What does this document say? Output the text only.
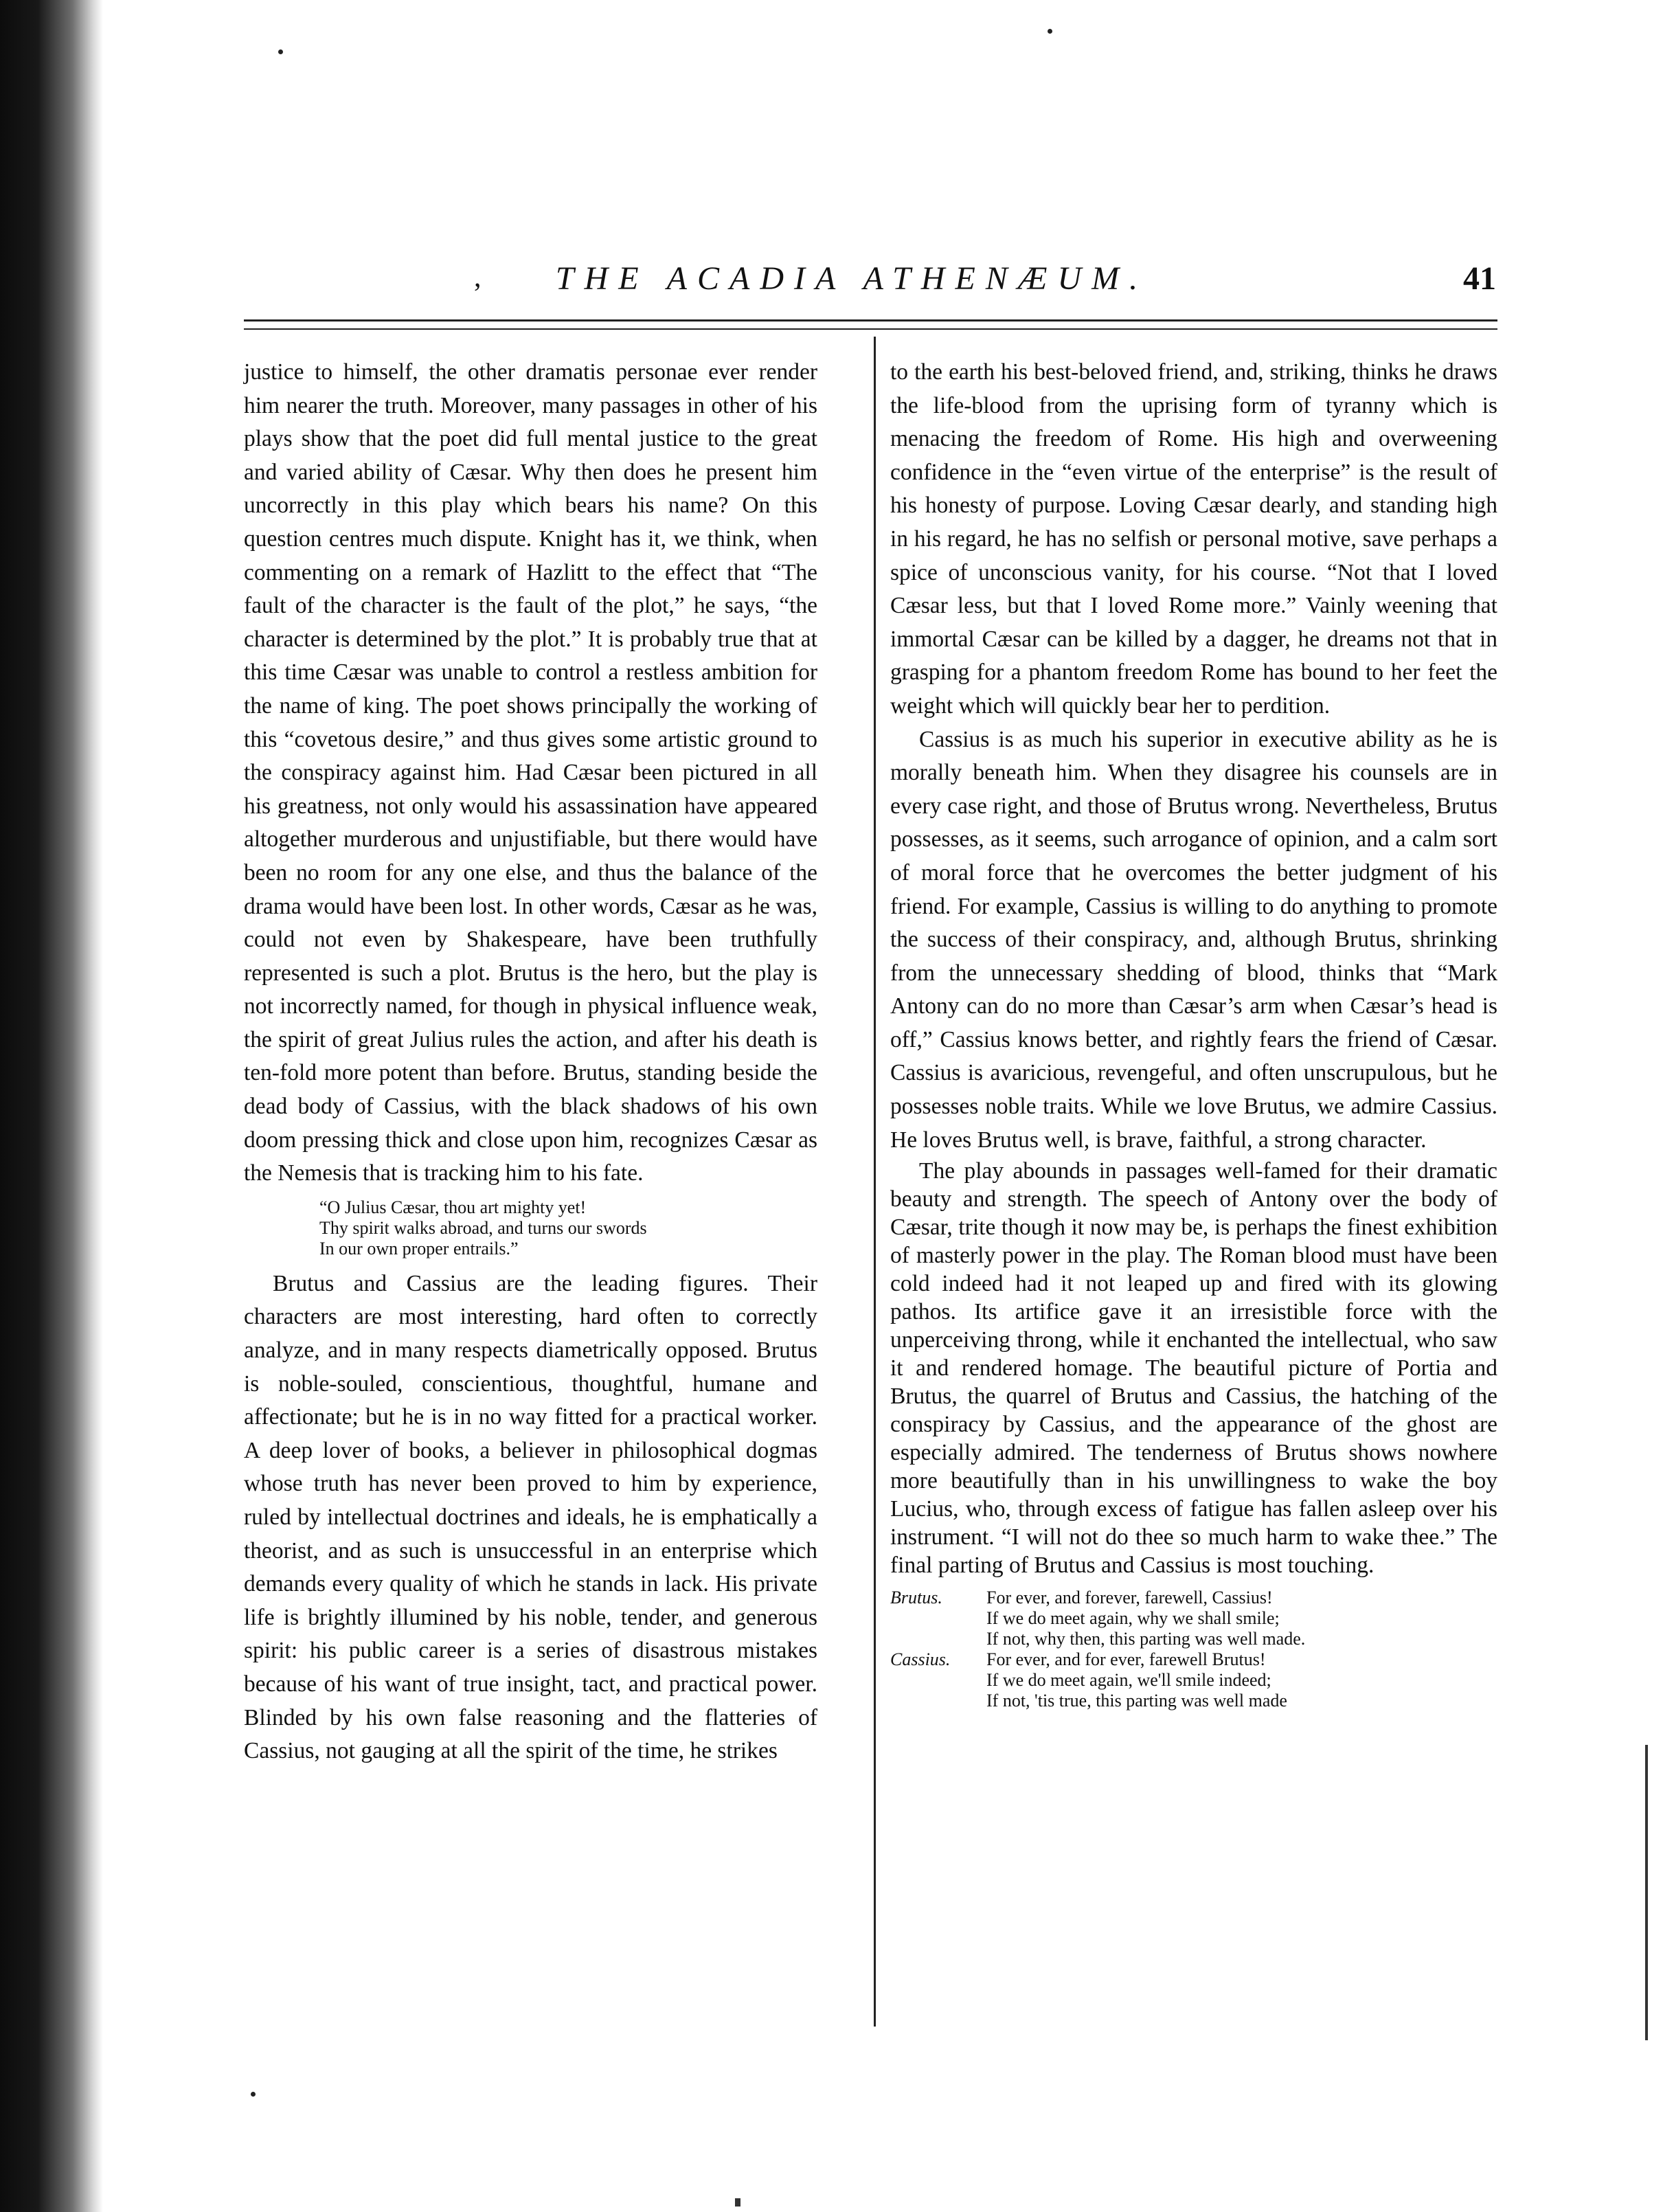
,	THE ACADIA ATHENÆUM.	41

justice to himself, the other dramatis personae ever render him nearer the truth. Moreover, many passages in other of his plays show that the poet did full mental justice to the great and varied ability of Cæsar. Why then does he present him uncorrectly in this play which bears his name? On this question centres much dispute. Knight has it, we think, when commenting on a remark of Hazlitt to the effect that “The fault of the character is the fault of the plot,” he says, “the character is determined by the plot.” It is probably true that at this time Cæsar was unable to control a restless ambition for the name of king. The poet shows principally the working of this “covetous desire,” and thus gives some artistic ground to the conspiracy against him. Had Cæsar been pictured in all his greatness, not only would his assassination have appeared altogether murderous and unjustifiable, but there would have been no room for any one else, and thus the balance of the drama would have been lost. In other words, Cæsar as he was, could not even by Shakespeare, have been truthfully represented is such a plot. Brutus is the hero, but the play is not incorrectly named, for though in physical influence weak, the spirit of great Julius rules the action, and after his death is ten-fold more potent than before. Brutus, standing beside the dead body of Cassius, with the black shadows of his own doom pressing thick and close upon him, recognizes Cæsar as the Nemesis that is tracking him to his fate.

“O Julius Cæsar, thou art mighty yet!
Thy spirit walks abroad, and turns our swords
In our own proper entrails.”

Brutus and Cassius are the leading figures. Their characters are most interesting, hard often to correctly analyze, and in many respects diametrically opposed. Brutus is noble-souled, conscientious, thoughtful, humane and affectionate; but he is in no way fitted for a practical worker. A deep lover of books, a believer in philosophical dogmas whose truth has never been proved to him by experience, ruled by intellectual doctrines and ideals, he is emphatically a theorist, and as such is unsuccessful in an enterprise which demands every quality of which he stands in lack. His private life is brightly illumined by his noble, tender, and generous spirit: his public career is a series of disastrous mistakes because of his want of true insight, tact, and practical power. Blinded by his own false reasoning and the flatteries of Cassius, not gauging at all the spirit of the time, he strikes

to the earth his best-beloved friend, and, striking, thinks he draws the life-blood from the uprising form of tyranny which is menacing the freedom of Rome. His high and overweening confidence in the “even virtue of the enterprise” is the result of his honesty of purpose. Loving Cæsar dearly, and standing high in his regard, he has no selfish or personal motive, save perhaps a spice of unconscious vanity, for his course. “Not that I loved Cæsar less, but that I loved Rome more.” Vainly weening that immortal Cæsar can be killed by a dagger, he dreams not that in grasping for a phantom freedom Rome has bound to her feet the weight which will quickly bear her to perdition.

Cassius is as much his superior in executive ability as he is morally beneath him. When they disagree his counsels are in every case right, and those of Brutus wrong. Nevertheless, Brutus possesses, as it seems, such arrogance of opinion, and a calm sort of moral force that he overcomes the better judgment of his friend. For example, Cassius is willing to do anything to promote the success of their conspiracy, and, although Brutus, shrinking from the unnecessary shedding of blood, thinks that “Mark Antony can do no more than Cæsar’s arm when Cæsar’s head is off,” Cassius knows better, and rightly fears the friend of Cæsar. Cassius is avaricious, revengeful, and often unscrupulous, but he possesses noble traits. While we love Brutus, we admire Cassius. He loves Brutus well, is brave, faithful, a strong character.

The play abounds in passages well-famed for their dramatic beauty and strength. The speech of Antony over the body of Cæsar, trite though it now may be, is perhaps the finest exhibition of masterly power in the play. The Roman blood must have been cold indeed had it not leaped up and fired with its glowing pathos. Its artifice gave it an irresistible force with the unperceiving throng, while it enchanted the intellectual, who saw it and rendered homage. The beautiful picture of Portia and Brutus, the quarrel of Brutus and Cassius, the hatching of the conspiracy by Cassius, and the appearance of the ghost are especially admired. The tenderness of Brutus shows nowhere more beautifully than in his unwillingness to wake the boy Lucius, who, through excess of fatigue has fallen asleep over his instrument. “I will not do thee so much harm to wake thee.” The final parting of Brutus and Cassius is most touching.

Brutus.	For ever, and forever, farewell, Cassius!
If we do meet again, why we shall smile;
If not, why then, this parting was well made.
Cassius.	For ever, and for ever, farewell Brutus!
If we do meet again, we'll smile indeed;
If not, 'tis true, this parting was well made
